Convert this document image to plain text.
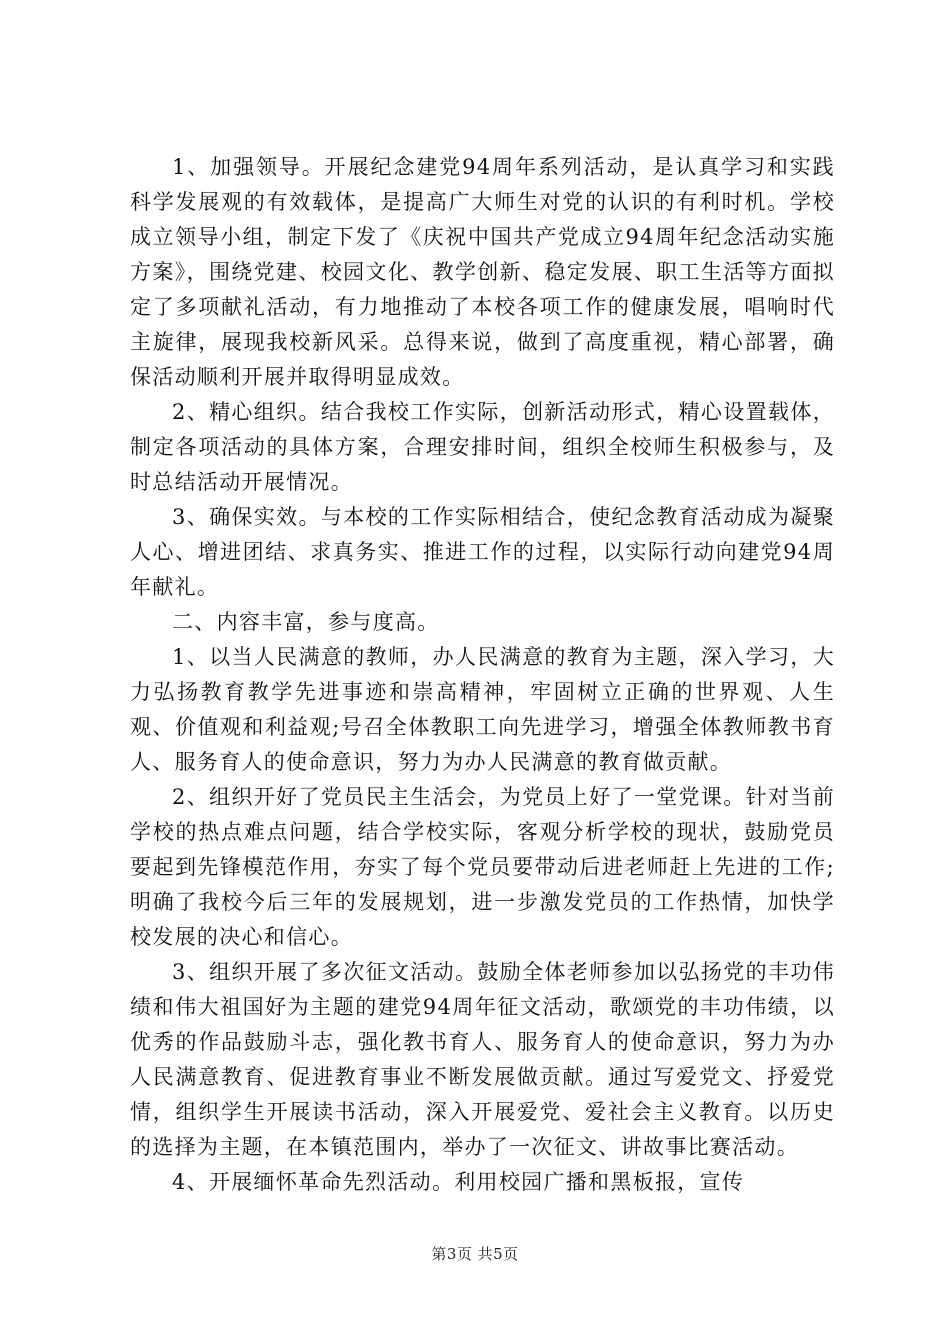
1、加强领导。开展纪念建党94周年系列活动，是认真学习和实践科学发展观的有效载体，是提高广大师生对党的认识的有利时机。学校成立领导小组，制定下发了《庆祝中国共产党成立94周年纪念活动实施方案》，围绕党建、校园文化、教学创新、稳定发展、职工生活等方面拟定了多项献礼活动，有力地推动了本校各项工作的健康发展，唱响时代主旋律，展现我校新风采。总得来说，做到了高度重视，精心部署，确保活动顺利开展并取得明显成效。

2、精心组织。结合我校工作实际，创新活动形式，精心设置载体，制定各项活动的具体方案，合理安排时间，组织全校师生积极参与，及时总结活动开展情况。

3、确保实效。与本校的工作实际相结合，使纪念教育活动成为凝聚人心、增进团结、求真务实、推进工作的过程，以实际行动向建党94周年献礼。

二、内容丰富，参与度高。

1、以当人民满意的教师，办人民满意的教育为主题，深入学习，大力弘扬教育教学先进事迹和崇高精神，牢固树立正确的世界观、人生观、价值观和利益观;号召全体教职工向先进学习，增强全体教师教书育人、服务育人的使命意识，努力为办人民满意的教育做贡献。

2、组织开好了党员民主生活会，为党员上好了一堂党课。针对当前学校的热点难点问题，结合学校实际，客观分析学校的现状，鼓励党员要起到先锋模范作用，夯实了每个党员要带动后进老师赶上先进的工作;明确了我校今后三年的发展规划，进一步激发党员的工作热情，加快学校发展的决心和信心。

3、组织开展了多次征文活动。鼓励全体老师参加以弘扬党的丰功伟绩和伟大祖国好为主题的建党94周年征文活动，歌颂党的丰功伟绩，以优秀的作品鼓励斗志，强化教书育人、服务育人的使命意识，努力为办人民满意教育、促进教育事业不断发展做贡献。通过写爱党文、抒爱党情，组织学生开展读书活动，深入开展爱党、爱社会主义教育。以历史的选择为主题，在本镇范围内，举办了一次征文、讲故事比赛活动。

4、开展缅怀革命先烈活动。利用校园广播和黑板报，宣传

第3页 共5页
